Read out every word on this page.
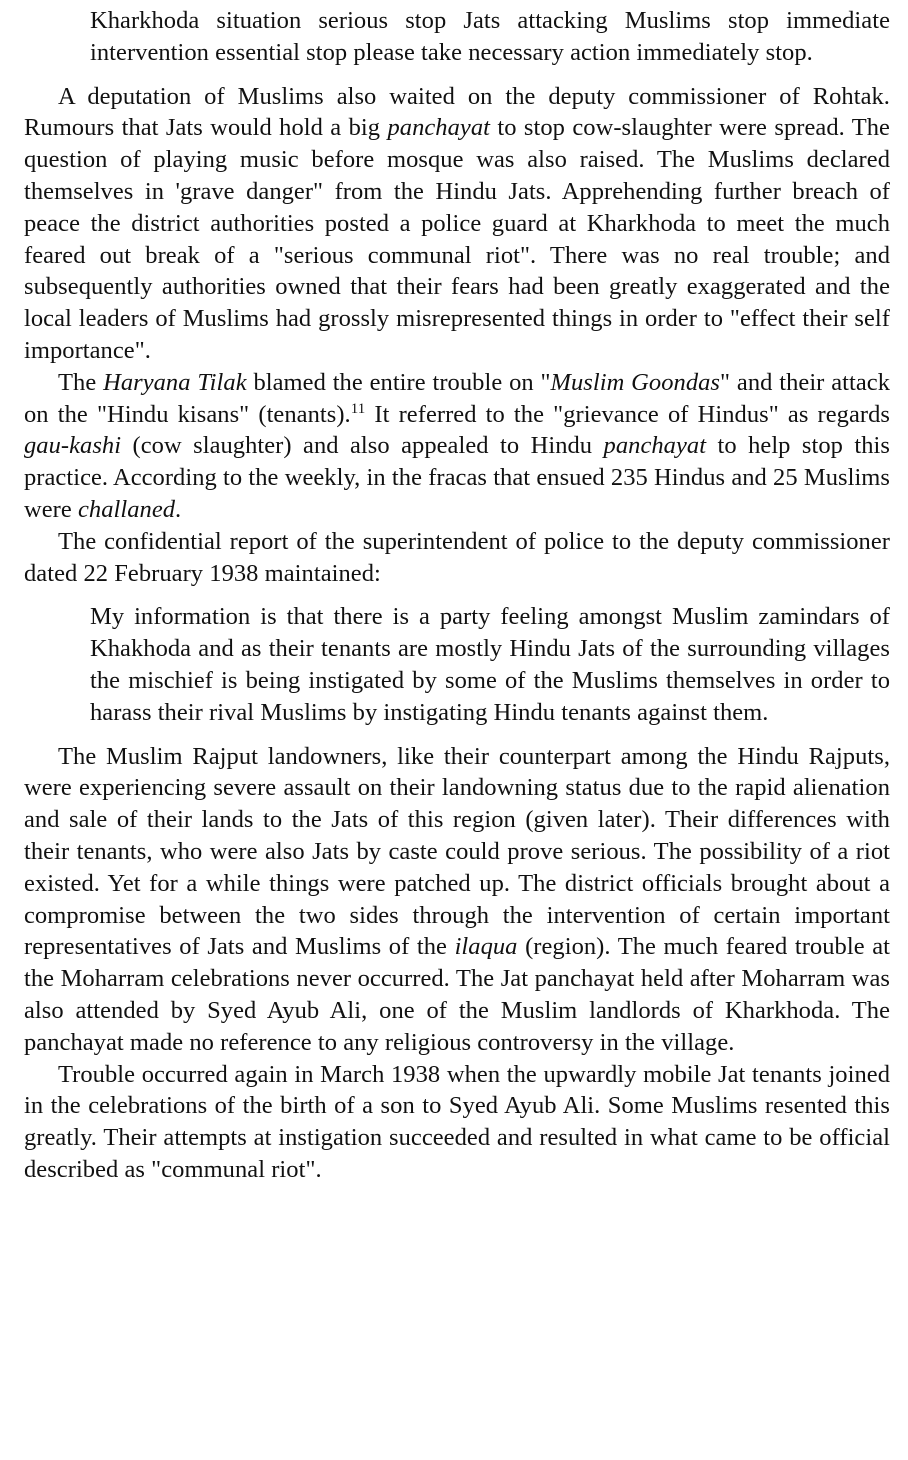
Kharkhoda situation serious stop Jats attacking Muslims stop immediate intervention essential stop please take necessary action immediately stop.

A deputation of Muslims also waited on the deputy commissioner of Rohtak. Rumours that Jats would hold a big panchayat to stop cow-slaughter were spread. The question of playing music before mosque was also raised. The Muslims declared themselves in 'grave danger" from the Hindu Jats. Apprehending further breach of peace the district authorities posted a police guard at Kharkhoda to meet the much feared out break of a "serious communal riot". There was no real trouble; and subsequently authorities owned that their fears had been greatly exaggerated and the local leaders of Muslims had grossly misrepresented things in order to "effect their self importance".

The Haryana Tilak blamed the entire trouble on "Muslim Goondas" and their attack on the "Hindu kisans" (tenants).$^{11}$ It referred to the "grievance of Hindus" as regards gau-kashi (cow slaughter) and also appealed to Hindu panchayat to help stop this practice. According to the weekly, in the fracas that ensued 235 Hindus and 25 Muslims were challaned.

The confidential report of the superintendent of police to the deputy commissioner dated 22 February 1938 maintained:

My information is that there is a party feeling amongst Muslim zamindars of Khakhoda and as their tenants are mostly Hindu Jats of the surrounding villages the mischief is being instigated by some of the Muslims themselves in order to harass their rival Muslims by instigating Hindu tenants against them.

The Muslim Rajput landowners, like their counterpart among the Hindu Rajputs, were experiencing severe assault on their landowning status due to the rapid alienation and sale of their lands to the Jats of this region (given later). Their differences with their tenants, who were also Jats by caste could prove serious. The possibility of a riot existed. Yet for a while things were patched up. The district officials brought about a compromise between the two sides through the intervention of certain important representatives of Jats and Muslims of the ilaqua (region). The much feared trouble at the Moharram celebrations never occurred. The Jat panchayat held after Moharram was also attended by Syed Ayub Ali, one of the Muslim landlords of Kharkhoda. The panchayat made no reference to any religious controversy in the village.

Trouble occurred again in March 1938 when the upwardly mobile Jat tenants joined in the celebrations of the birth of a son to Syed Ayub Ali. Some Muslims resented this greatly. Their attempts at instigation succeeded and resulted in what came to be official described as "communal riot".
